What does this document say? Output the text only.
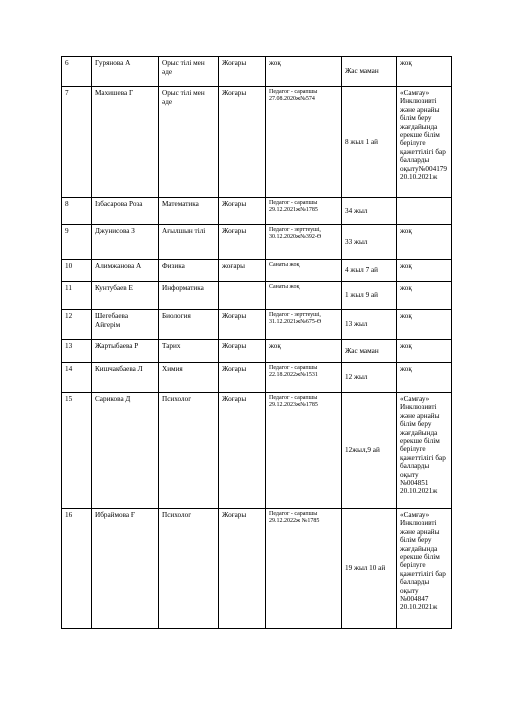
6	Гурянова А	Орыс тілі мен әде	Жоғары	жоқ	Жас маман	жоқ
7	Махишева Г	Орыс тілі мен әде	Жоғары	Педагог - сарапшы 27.08.2020ж№574	8 жыл 1 ай	«Самғау» Инклюзивті және арнайы білім беру жағдайында ерекше білім берілуге қажеттілігі бар балларды оқыту№004179 20.10.2021ж
8	Ізбасарова Роза	Математика	Жоғары	Педагог - сарапшы 29.12.2021ж№1785	34 жыл	
9	Джунисова З	Ағылшын тілі	Жоғары	Педагог - зерттеуші, 30.12.2020ж№392-Ө	33 жыл	жоқ
10	Алимжанова А	Физика	жоғары	Санаты жоқ	4 жыл 7 ай	жоқ
11	Кунтубаев Е	Информатика		Санаты жоқ	1 жыл 9 ай	жоқ
12	Шегебаева Айгерім	Биология	Жоғары	Педагог - зерттеуші, 31.12.2021ж№675-Ө	13 жыл	жоқ
13	Жартыбаева Р	Тарих	Жоғары	жоқ	Жас маман	жоқ
14	Кишчакбаева Л	Химия	Жоғары	Педагог - сарапшы 22.18.2022ж№1531	12 жыл	жоқ
15	Сарикова Д	Психолог	Жоғары	Педагог - сарапшы 29.12.2023ж№1785	12жыл,9 ай	«Самғау» Инклюзивті және арнайы білім беру жағдайында ерекше білім берілуге қажеттілігі бар балларды оқыту №004851 20.10.2021ж
16	Ибраймова Ғ	Психолог	Жоғары	Педагог - сарапшы 29.12.2022ж №1785	19 жыл 10 ай	«Самғау» Инклюзивті және арнайы білім беру жағдайында ерекше білім берілуге қажеттілігі бар балларды оқыту №004847 20.10.2021ж
